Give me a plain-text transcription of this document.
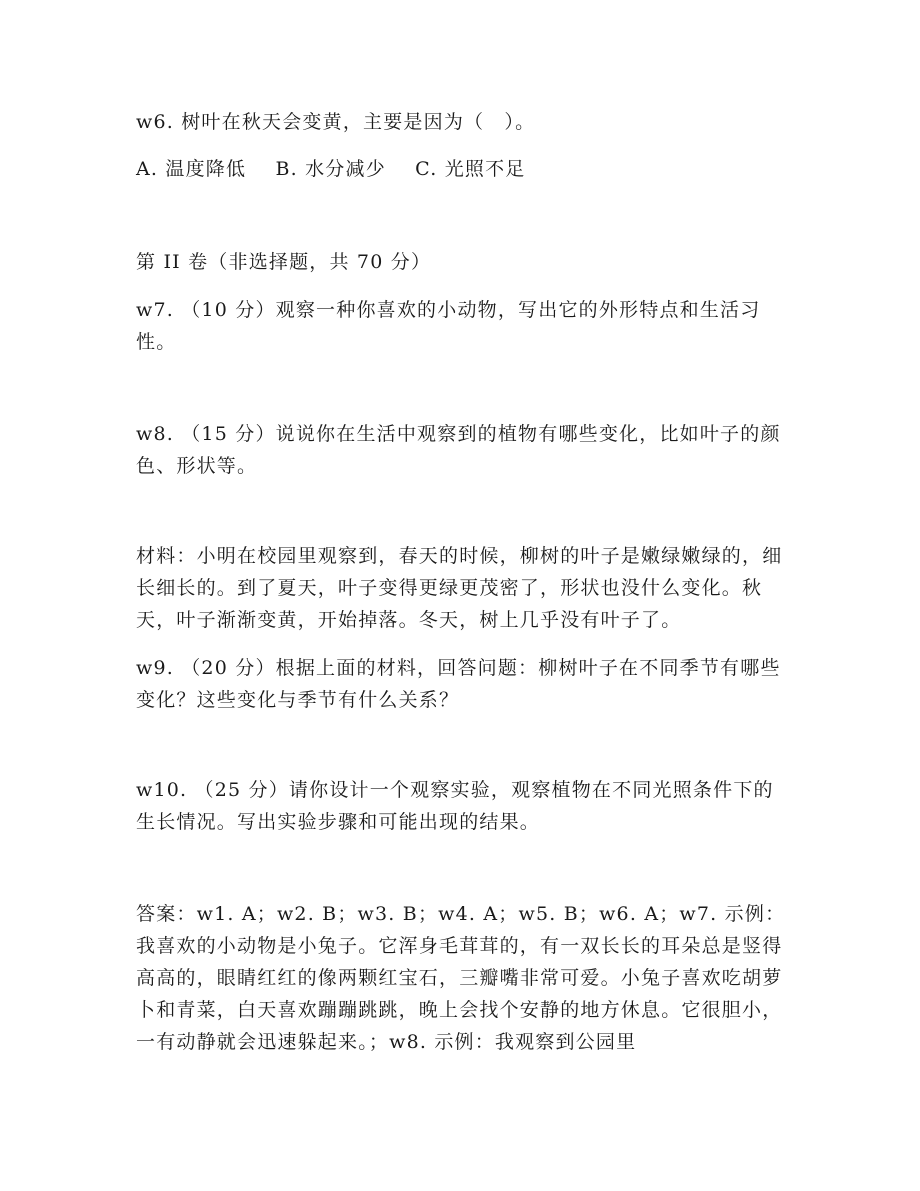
w6. 树叶在秋天会变黄，主要是因为（　）。
A. 温度降低 B. 水分减少 C. 光照不足
第 II 卷（非选择题，共 70 分）
w7. （10 分）观察一种你喜欢的小动物，写出它的外形特点和生活习性。
w8. （15 分）说说你在生活中观察到的植物有哪些变化，比如叶子的颜色、形状等。
材料：小明在校园里观察到，春天的时候，柳树的叶子是嫩绿嫩绿的，细长细长的。到了夏天，叶子变得更绿更茂密了，形状也没什么变化。秋天，叶子渐渐变黄，开始掉落。冬天，树上几乎没有叶子了。
w9. （20 分）根据上面的材料，回答问题：柳树叶子在不同季节有哪些变化？这些变化与季节有什么关系？
w10. （25 分）请你设计一个观察实验，观察植物在不同光照条件下的生长情况。写出实验步骤和可能出现的结果。
答案：w1. A；w2. B；w3. B；w4. A；w5. B；w6. A；w7. 示例：我喜欢的小动物是小兔子。它浑身毛茸茸的，有一双长长的耳朵总是竖得高高的，眼睛红红的像两颗红宝石，三瓣嘴非常可爱。小兔子喜欢吃胡萝卜和青菜，白天喜欢蹦蹦跳跳，晚上会找个安静的地方休息。它很胆小，一有动静就会迅速躲起来。；w8. 示例：我观察到公园里
